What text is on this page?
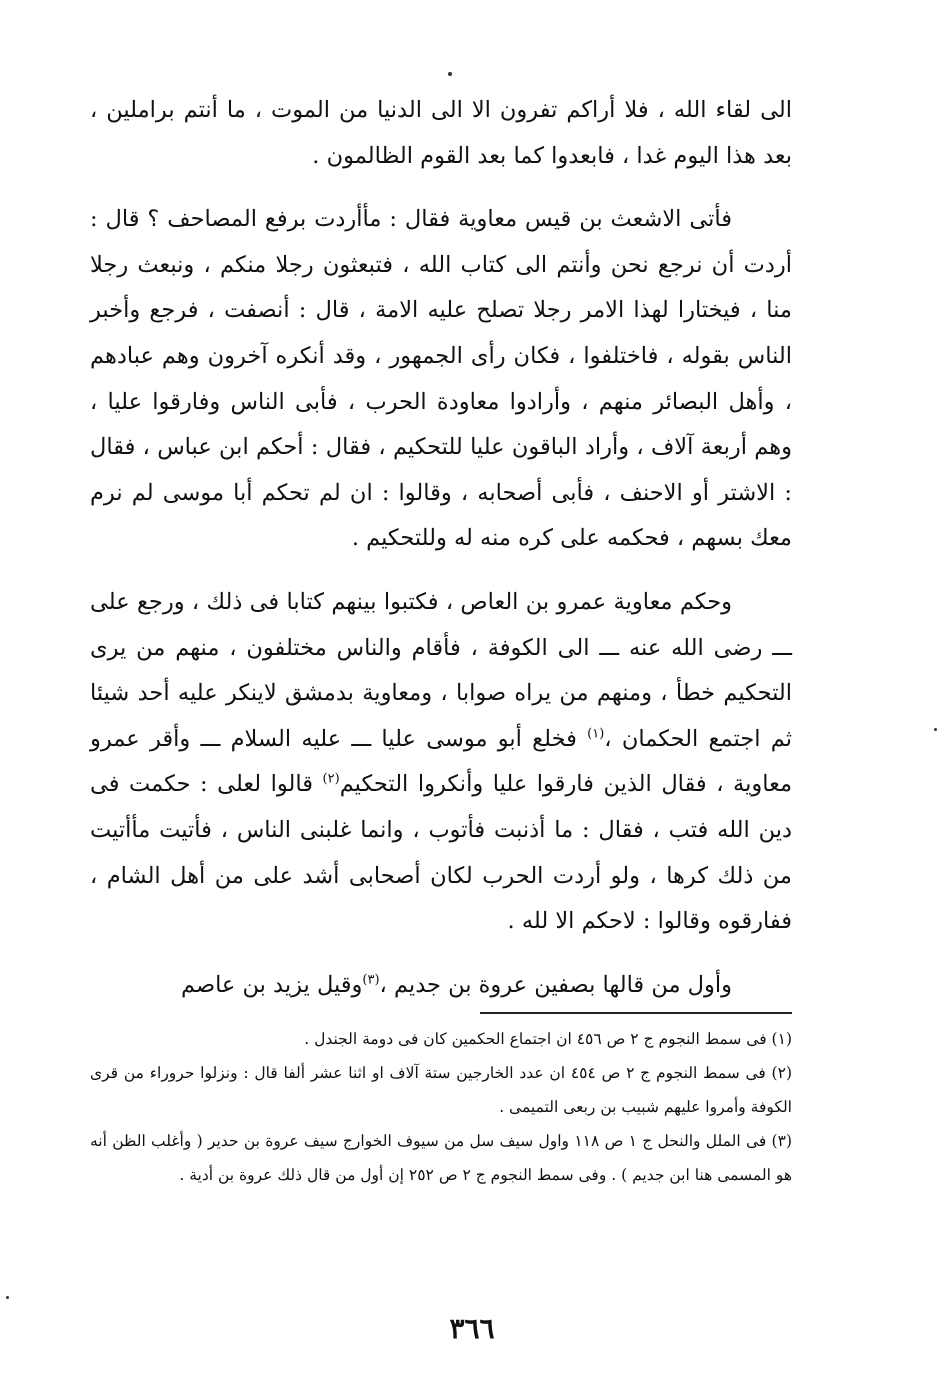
الى لقاء الله ، فلا أراكم تفرون الا الى الدنيا من الموت ، ما أنتم براملين ، بعد هذا اليوم غدا ، فابعدوا كما بعد القوم الظالمون .

فأتى الاشعث بن قيس معاوية فقال : مأأردت برفع المصاحف ؟ قال : أردت أن نرجع نحن وأنتم الى كتاب الله ، فتبعثون رجلا منكم ، ونبعث رجلا منا ، فيختارا لهذا الامر رجلا تصلح عليه الامة ، قال : أنصفت ، فرجع وأخبر الناس بقوله ، فاختلفوا ، فكان رأى الجمهور ، وقد أنكره آخرون وهم عبادهم ، وأهل البصائر منهم ، وأرادوا معاودة الحرب ، فأبى الناس وفارقوا عليا ، وهم أربعة آلاف ، وأراد الباقون عليا للتحكيم ، فقال : أحكم ابن عباس ، فقال : الاشتر أو الاحنف ، فأبى أصحابه ، وقالوا : ان لم تحكم أبا موسى لم نرم معك بسهم ، فحكمه على كره منه له وللتحكيم .

وحكم معاوية عمرو بن العاص ، فكتبوا بينهم كتابا فى ذلك ، ورجع على ـــ رضى الله عنه ـــ الى الكوفة ، فأقام والناس مختلفون ، منهم من يرى التحكيم خطأ ، ومنهم من يراه صوابا ، ومعاوية بدمشق لاينكر عليه أحد شيئا ثم اجتمع الحكمان ،$^{(١)}$ فخلع أبو موسى عليا ـــ عليه السلام ـــ وأقر عمرو معاوية ، فقال الذين فارقوا عليا وأنكروا التحكيم$^{(٢)}$ قالوا لعلى : حكمت فى دين الله فتب ، فقال : ما أذنبت فأتوب ، وانما غلبنى الناس ، فأتيت مأأتيت من ذلك كرها ، ولو أردت الحرب لكان أصحابى أشد على من أهل الشام ، ففارقوه وقالوا : لاحكم الا لله .

وأول من قالها بصفين عروة بن جديم ،$^{(٣)}$وقيل يزيد بن عاصم

(١) فى سمط النجوم ج ٢ ص ٤٥٦ ان اجتماع الحكمين كان فى دومة الجندل .

(٢) فى سمط النجوم ج ٢ ص ٤٥٤ ان عدد الخارجين ستة آلاف او اثنا عشر ألفا قال : ونزلوا حروراء من قرى الكوفة وأمروا عليهم شبيب بن ربعى التميمى .

(٣) فى الملل والنحل ج ١ ص ١١٨ واول سيف سل من سيوف الخوارج سيف عروة بن حدير ( وأغلب الظن أنه هو المسمى هنا ابن جديم ) . وفى سمط النجوم ج ٢ ص ٢٥٢ إن أول من قال ذلك عروة بن أدية .

٣٦٦
